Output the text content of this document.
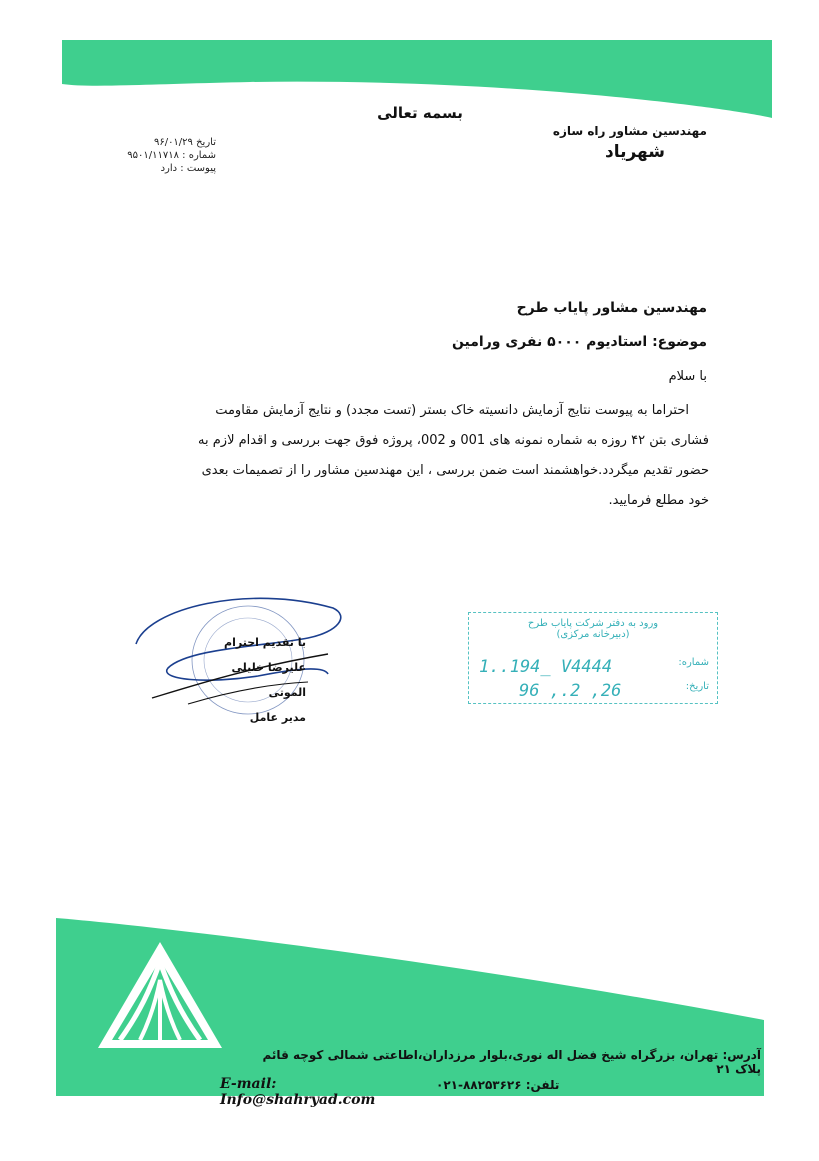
بسمه تعالی
مهندسین مشاور راه سازه
شهریاد
تاریخ ۹۶/۰۱/۲۹
شماره : ۹۵۰۱/۱۱۷۱۸
پیوست : دارد
مهندسین مشاور پایاب طرح
موضوع: استادیوم ۵۰۰۰ نفری ورامین
با سلام
احتراما به پیوست نتایج آزمایش دانسیته خاک بستر (تست مجدد) و نتایج آزمایش مقاومت
فشاری بتن ۴۲ روزه به شماره نمونه های 001 و 002، پروژه فوق جهت بررسی و اقدام لازم به
حضور تقدیم میگردد.خواهشمند است ضمن بررسی ، این مهندسین مشاور را از تصمیمات بعدی
خود مطلع فرمایید.
با تقدیم احترام
علیرضا خلیلی الموتی
مدیر عامل
ورود به دفتر شرکت پایاب طرح
(دبیرخانه مرکزی)
شماره:
1..194_ V4444
تاریخ:
96 ,.2 ,26
آدرس: تهران، بزرگراه شیخ فضل اله نوری،بلوار مرزداران،اطاعتی شمالی کوچه قائم پلاک ۲۱
تلفن: ۸۸۲۵۳۶۲۶-۰۲۱
E-mail: Info@shahryad.com
